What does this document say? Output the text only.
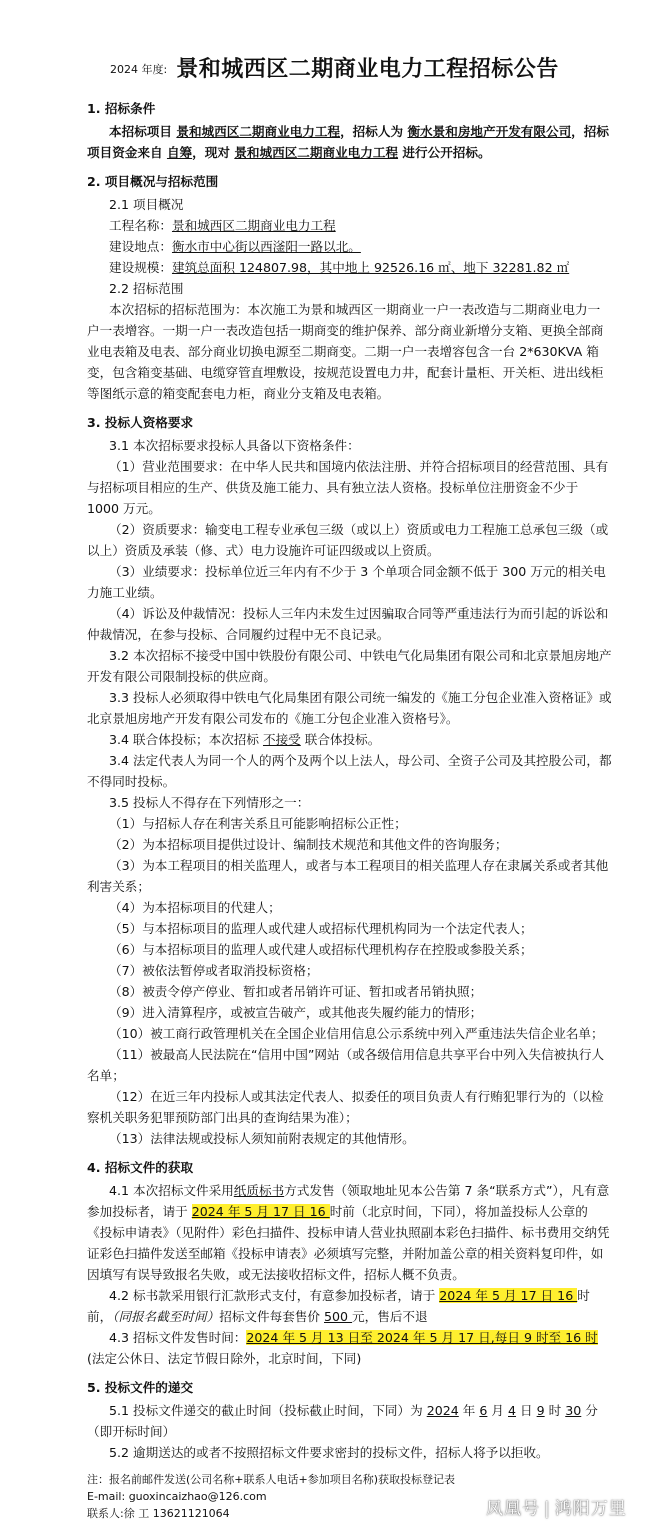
2024 年度: 景和城西区二期商业电力工程招标公告
1. 招标条件

本招标项目 景和城西区二期商业电力工程，招标人为 衡水景和房地产开发有限公司，招标项目资金来自 自筹，现对 景和城西区二期商业电力工程 进行公开招标。

2. 项目概况与招标范围

2.1 项目概况

工程名称：景和城西区二期商业电力工程

建设地点：衡水市中心街以西滏阳一路以北。

建设规模：建筑总面积 124807.98，其中地上 92526.16 ㎡、地下 32281.82 ㎡

2.2 招标范围

本次招标的招标范围为：本次施工为景和城西区一期商业一户一表改造与二期商业电力一户一表增容。一期一户一表改造包括一期商变的维护保养、部分商业新增分支箱、更换全部商业电表箱及电表、部分商业切换电源至二期商变。二期一户一表增容包含一台 2*630KVA 箱变，包含箱变基础、电缆穿管直埋敷设，按规范设置电力井，配套计量柜、开关柜、进出线柜等图纸示意的箱变配套电力柜，商业分支箱及电表箱。

3. 投标人资格要求

3.1 本次招标要求投标人具备以下资格条件：

（1）营业范围要求：在中华人民共和国境内依法注册、并符合招标项目的经营范围、具有与招标项目相应的生产、供货及施工能力、具有独立法人资格。投标单位注册资金不少于 1000 万元。

（2）资质要求：输变电工程专业承包三级（或以上）资质或电力工程施工总承包三级（或以上）资质及承装（修、式）电力设施许可证四级或以上资质。

（3）业绩要求：投标单位近三年内有不少于 3 个单项合同金额不低于 300 万元的相关电力施工业绩。

（4）诉讼及仲裁情况：投标人三年内未发生过因骗取合同等严重违法行为而引起的诉讼和仲裁情况，在参与投标、合同履约过程中无不良记录。

3.2 本次招标不接受中国中铁股份有限公司、中铁电气化局集团有限公司和北京景旭房地产开发有限公司限制投标的供应商。

3.3 投标人必须取得中铁电气化局集团有限公司统一编发的《施工分包企业准入资格证》或北京景旭房地产开发有限公司发布的《施工分包企业准入资格号》。

3.4 联合体投标；本次招标 不接受 联合体投标。

3.4 法定代表人为同一个人的两个及两个以上法人，母公司、全资子公司及其控股公司，都不得同时投标。

3.5 投标人不得存在下列情形之一：

（1）与招标人存在利害关系且可能影响招标公正性；

（2）为本招标项目提供过设计、编制技术规范和其他文件的咨询服务；

（3）为本工程项目的相关监理人，或者与本工程项目的相关监理人存在隶属关系或者其他利害关系；

（4）为本招标项目的代建人；

（5）与本招标项目的监理人或代建人或招标代理机构同为一个法定代表人；

（6）与本招标项目的监理人或代建人或招标代理机构存在控股或参股关系；

（7）被依法暂停或者取消投标资格；

（8）被责令停产停业、暂扣或者吊销许可证、暂扣或者吊销执照；

（9）进入清算程序，或被宣告破产，或其他丧失履约能力的情形；

（10）被工商行政管理机关在全国企业信用信息公示系统中列入严重违法失信企业名单；

（11）被最高人民法院在“信用中国”网站（或各级信用信息共享平台中列入失信被执行人名单；

（12）在近三年内投标人或其法定代表人、拟委任的项目负责人有行贿犯罪行为的（以检察机关职务犯罪预防部门出具的查询结果为准）；

（13）法律法规或投标人须知前附表规定的其他情形。

4. 招标文件的获取

4.1 本次招标文件采用纸质标书方式发售（领取地址见本公告第 7 条“联系方式”），凡有意参加投标者，请于 2024 年 5 月 17 日 16 时前（北京时间，下同），将加盖投标人公章的《投标申请表》（见附件）彩色扫描件、投标申请人营业执照副本彩色扫描件、标书费用交纳凭证彩色扫描件发送至邮箱《投标申请表》必须填写完整，并附加盖公章的相关资料复印件，如因填写有误导致报名失败，或无法接收招标文件，招标人概不负责。

4.2 标书款采用银行汇款形式支付，有意参加投标者，请于 2024 年 5 月 17 日 16 时前，（同报名截至时间）招标文件每套售价 500 元，售后不退

4.3 招标文件发售时间：2024 年 5 月 13 日至 2024 年 5 月 17 日,每日 9 时至 16 时(法定公休日、法定节假日除外，北京时间，下同)

5. 投标文件的递交

5.1 投标文件递交的截止时间（投标截止时间，下同）为 2024 年 6 月 4 日 9 时 30 分（即开标时间）

5.2 逾期送达的或者不按照招标文件要求密封的投标文件，招标人将予以拒收。

注：报名前邮件发送(公司名称+联系人电话+参加项目名称)获取投标登记表
E-mail: guoxincaizhao@126.com
联系人:徐 工 13621121064	凤凰号 | 鸿阳万里
